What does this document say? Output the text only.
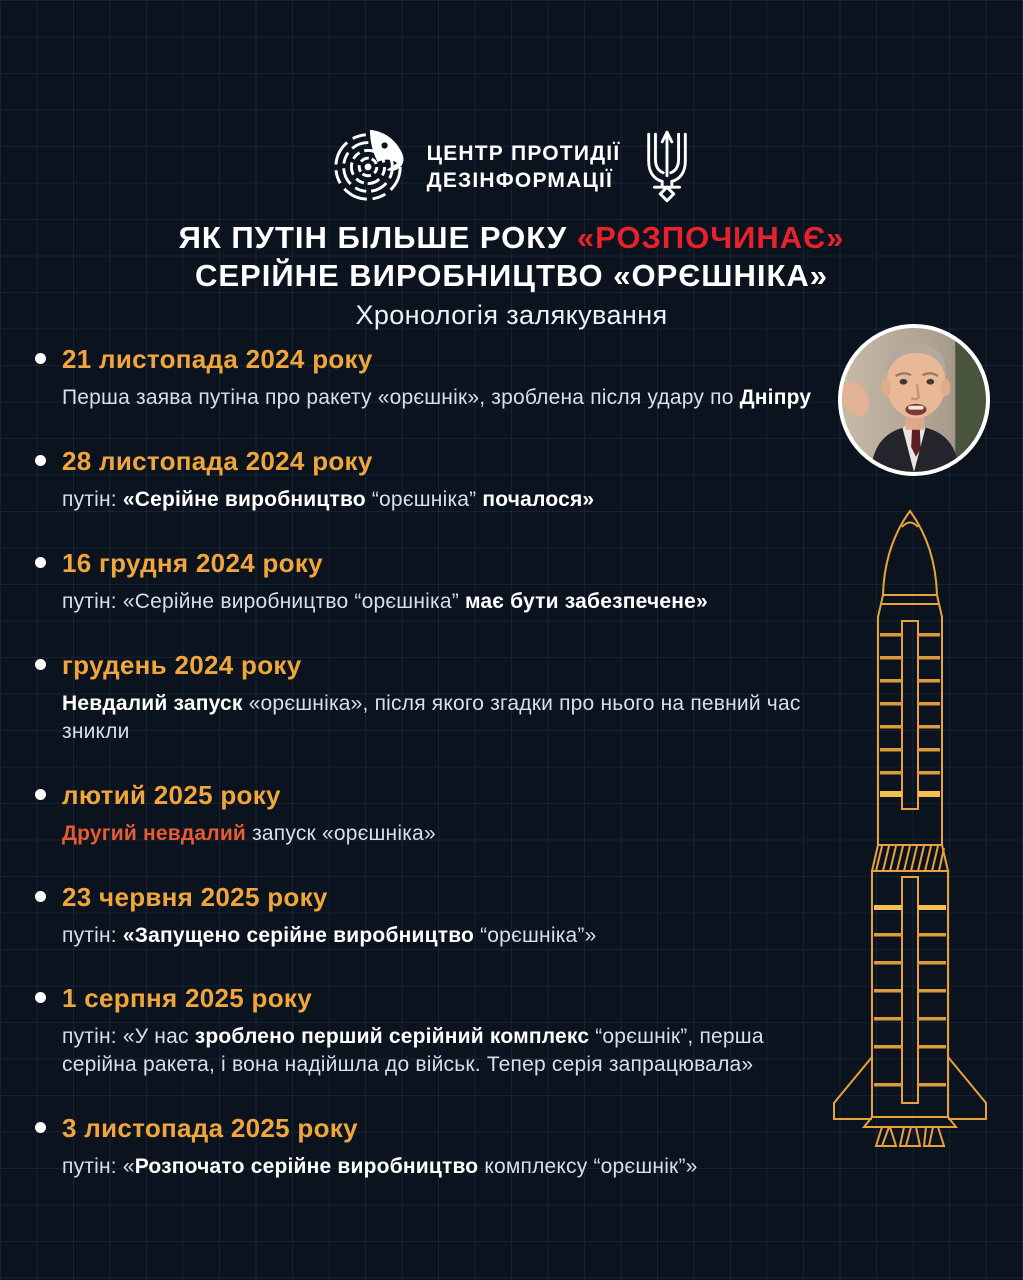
ЦЕНТР ПРОТИДІЇ
ДЕЗІНФОРМАЦІЇ
ЯК ПУТІН БІЛЬШЕ РОКУ «РОЗПОЧИНАЄ»
СЕРІЙНЕ ВИРОБНИЦТВО «ОРЄШНІКА»
Хронологія залякування
21 листопада 2024 року

Перша заява путіна про ракету «орєшнік», зроблена після удару по Дніпру

28 листопада 2024 року

путін: «Серійне виробництво “орєшніка” почалося»

16 грудня 2024 року

путін: «Серійне виробництво “орєшніка” має бути забезпечене»

грудень 2024 року

Невдалий запуск «орєшніка», після якого згадки про нього на певний час зникли

лютий 2025 року

Другий невдалий запуск «орєшніка»

23 червня 2025 року

путін: «Запущено серійне виробництво “орєшніка”»

1 серпня 2025 року

путін: «У нас зроблено перший серійний комплекс “орєшнік”, перша серійна ракета, і вона надійшла до військ. Тепер серія запрацювала»

3 листопада 2025 року

путін: «Розпочато серійне виробництво комплексу “орєшнік”»
